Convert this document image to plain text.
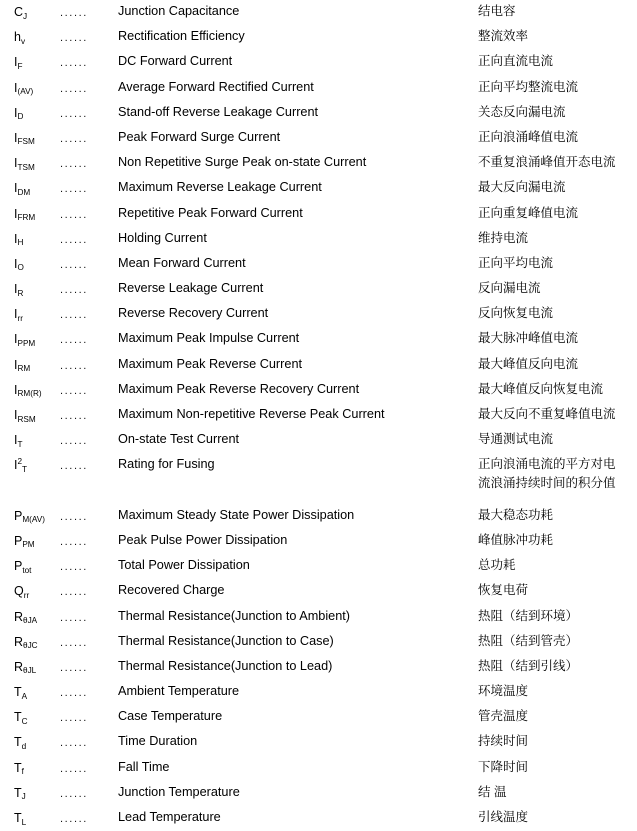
$C_J$	......	Junction Capacitance	结电容
$h_v$	......	Rectification Efficiency	整流效率
$I_F$	......	DC Forward Current	正向直流电流
$I_{(AV)}$	......	Average Forward Rectified Current	正向平均整流电流
$I_D$	......	Stand-off Reverse Leakage Current	关态反向漏电流
$I_{FSM}$	......	Peak Forward Surge Current	正向浪涌峰值电流
$I_{TSM}$	......	Non Repetitive Surge Peak on-state Current	不重复浪涌峰值开态电流
$I_{DM}$	......	Maximum Reverse Leakage Current	最大反向漏电流
$I_{FRM}$	......	Repetitive Peak Forward Current	正向重复峰值电流
$I_H$	......	Holding Current	维持电流
$I_O$	......	Mean Forward Current	正向平均电流
$I_R$	......	Reverse Leakage Current	反向漏电流
$I_{rr}$	......	Reverse Recovery Current	反向恢复电流
$I_{PPM}$	......	Maximum Peak Impulse Current	最大脉冲峰值电流
$I_{RM}$	......	Maximum Peak Reverse Current	最大峰值反向电流
$I_{RM(R)}$	......	Maximum Peak Reverse Recovery Current	最大峰值反向恢复电流
$I_{RSM}$	......	Maximum Non-repetitive Reverse Peak Current	最大反向不重复峰值电流
$I_T$	......	On-state Test Current	导通测试电流
$I^2_T$	......	Rating for Fusing	正向浪涌电流的平方对电
流浪涌持续时间的积分值
$P_{M(AV)}$	......	Maximum Steady State Power Dissipation	最大稳态功耗
$P_{PM}$	......	Peak Pulse Power Dissipation	峰值脉冲功耗
$P_{tot}$	......	Total Power Dissipation	总功耗
$Q_{rr}$	......	Recovered Charge	恢复电荷
$R_{\theta JA}$	......	Thermal Resistance(Junction to Ambient)	热阻（结到环境）
$R_{\theta JC}$	......	Thermal Resistance(Junction to Case)	热阻（结到管壳）
$R_{\theta JL}$	......	Thermal Resistance(Junction to Lead)	热阻（结到引线）
$T_A$	......	Ambient Temperature	环境温度
$T_C$	......	Case Temperature	管壳温度
$T_d$	......	Time Duration	持续时间
$T_f$	......	Fall Time	下降时间
$T_J$	......	Junction Temperature	结 温
$T_L$	......	Lead Temperature	引线温度
